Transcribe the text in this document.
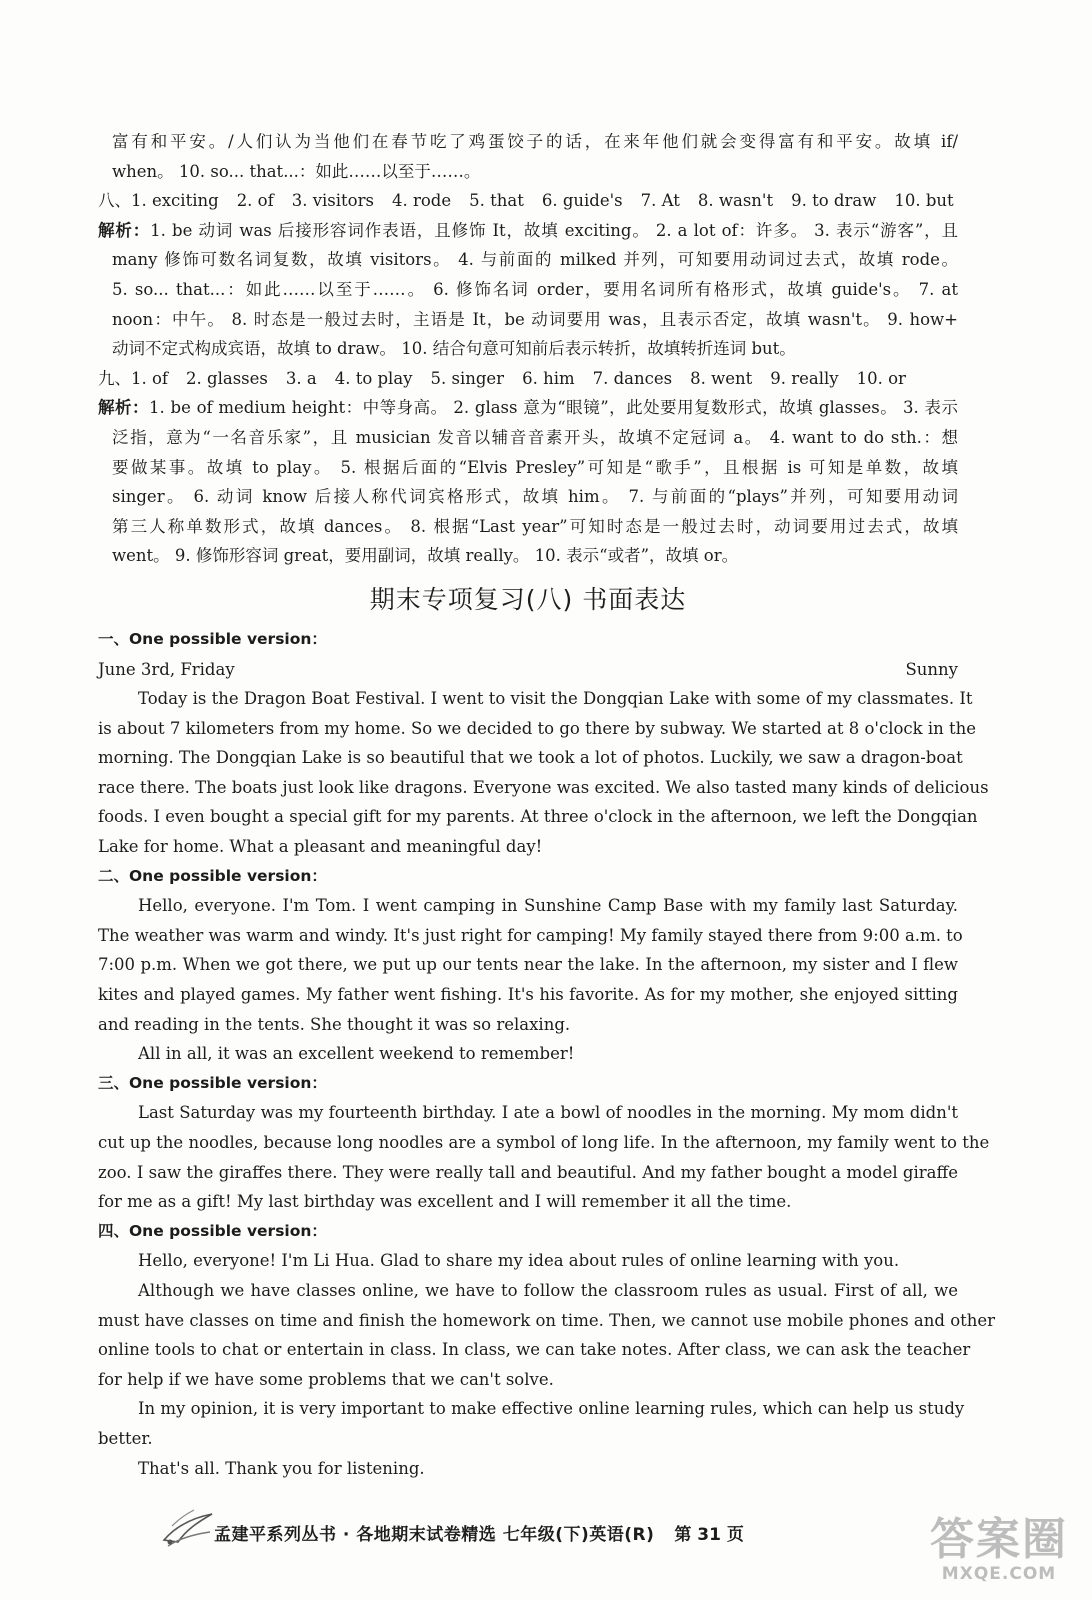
富有和平安。/人们认为当他们在春节吃了鸡蛋饺子的话，在来年他们就会变得富有和平安。故填 if/

when。 10. so... that...：如此……以至于……。

八、1. exciting 2. of 3. visitors 4. rode 5. that 6. guide's 7. At 8. wasn't 9. to draw 10. but

解析：1. be 动词 was 后接形容词作表语，且修饰 It，故填 exciting。 2. a lot of：许多。 3. 表示“游客”，且

many 修饰可数名词复数，故填 visitors。 4. 与前面的 milked 并列，可知要用动词过去式，故填 rode。

5. so... that...：如此……以至于……。 6. 修饰名词 order，要用名词所有格形式，故填 guide's。 7. at

noon：中午。 8. 时态是一般过去时，主语是 It，be 动词要用 was，且表示否定，故填 wasn't。 9. how+

动词不定式构成宾语，故填 to draw。 10. 结合句意可知前后表示转折，故填转折连词 but。

九、1. of 2. glasses 3. a 4. to play 5. singer 6. him 7. dances 8. went 9. really 10. or

解析：1. be of medium height：中等身高。 2. glass 意为“眼镜”，此处要用复数形式，故填 glasses。 3. 表示

泛指，意为“一名音乐家”，且 musician 发音以辅音音素开头，故填不定冠词 a。 4. want to do sth.：想

要做某事。故填 to play。 5. 根据后面的“Elvis Presley”可知是“歌手”，且根据 is 可知是单数，故填

singer。 6. 动词 know 后接人称代词宾格形式，故填 him。 7. 与前面的“plays”并列，可知要用动词

第三人称单数形式，故填 dances。 8. 根据“Last year”可知时态是一般过去时，动词要用过去式，故填

went。 9. 修饰形容词 great，要用副词，故填 really。 10. 表示“或者”，故填 or。

期末专项复习(八) 书面表达

一、One possible version：

June 3rd, Friday	Sunny

Today is the Dragon Boat Festival. I went to visit the Dongqian Lake with some of my classmates. It

is about 7 kilometers from my home. So we decided to go there by subway. We started at 8 o'clock in the

morning. The Dongqian Lake is so beautiful that we took a lot of photos. Luckily, we saw a dragon-boat

race there. The boats just look like dragons. Everyone was excited. We also tasted many kinds of delicious

foods. I even bought a special gift for my parents. At three o'clock in the afternoon, we left the Dongqian

Lake for home. What a pleasant and meaningful day!

二、One possible version：

Hello, everyone. I'm Tom. I went camping in Sunshine Camp Base with my family last Saturday.

The weather was warm and windy. It's just right for camping! My family stayed there from 9:00 a.m. to

7:00 p.m. When we got there, we put up our tents near the lake. In the afternoon, my sister and I flew

kites and played games. My father went fishing. It's his favorite. As for my mother, she enjoyed sitting

and reading in the tents. She thought it was so relaxing.

All in all, it was an excellent weekend to remember!

三、One possible version：

Last Saturday was my fourteenth birthday. I ate a bowl of noodles in the morning. My mom didn't

cut up the noodles, because long noodles are a symbol of long life. In the afternoon, my family went to the

zoo. I saw the giraffes there. They were really tall and beautiful. And my father bought a model giraffe

for me as a gift! My last birthday was excellent and I will remember it all the time.

四、One possible version：

Hello, everyone! I'm Li Hua. Glad to share my idea about rules of online learning with you.

Although we have classes online, we have to follow the classroom rules as usual. First of all, we

must have classes on time and finish the homework on time. Then, we cannot use mobile phones and other

online tools to chat or entertain in class. In class, we can take notes. After class, we can ask the teacher

for help if we have some problems that we can't solve.

In my opinion, it is very important to make effective online learning rules, which can help us study

better.

That's all. Thank you for listening.

孟建平系列丛书 · 各地期末试卷精选 七年级(下)英语(R) 第 31 页	答案圈
MXQE.COM
